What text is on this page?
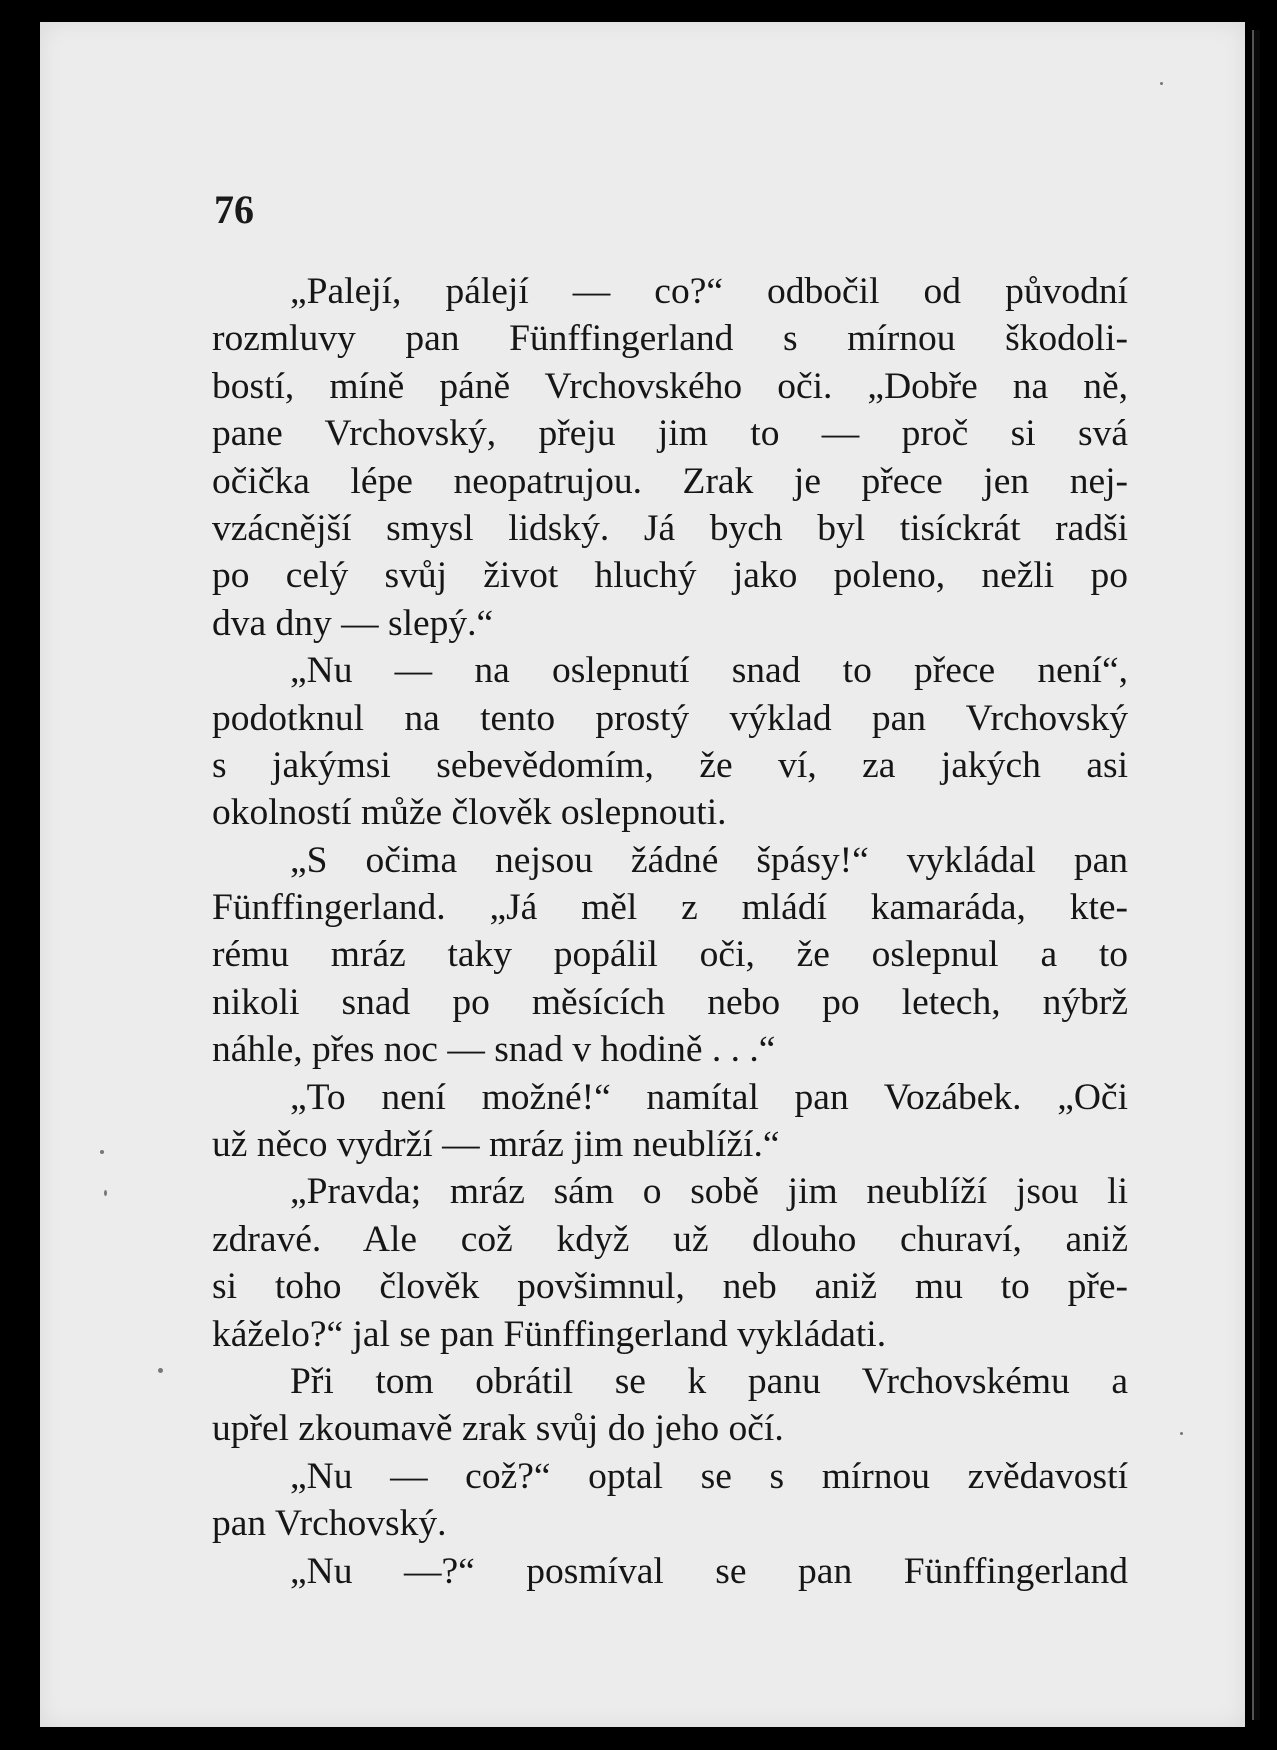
76
„Palejí, pálejí — co?“ odbočil od původní
rozmluvy pan Fünffingerland s mírnou škodoli-
bostí, míně páně Vrchovského oči. „Dobře na ně,
pane Vrchovský, přeju jim to — proč si svá
očička lépe neopatrujou. Zrak je přece jen nej-
vzácnější smysl lidský. Já bych byl tisíckrát radši
po celý svůj život hluchý jako poleno, nežli po
dva dny — slepý.“
„Nu — na oslepnutí snad to přece není“,
podotknul na tento prostý výklad pan Vrchovský
s jakýmsi sebevědomím, že ví, za jakých asi
okolností může člověk oslepnouti.
„S očima nejsou žádné špásy!“ vykládal pan
Fünffingerland. „Já měl z mládí kamaráda, kte-
rému mráz taky popálil oči, že oslepnul a to
nikoli snad po měsících nebo po letech, nýbrž
náhle, přes noc — snad v hodině . . .“
„To není možné!“ namítal pan Vozábek. „Oči
už něco vydrží — mráz jim neublíží.“
„Pravda; mráz sám o sobě jim neublíží jsou li
zdravé. Ale což když už dlouho churaví, aniž
si toho člověk povšimnul, neb aniž mu to pře-
káželo?“ jal se pan Fünffingerland vykládati.
Při tom obrátil se k panu Vrchovskému a
upřel zkoumavě zrak svůj do jeho očí.
„Nu — což?“ optal se s mírnou zvědavostí
pan Vrchovský.
„Nu —?“ posmíval se pan Fünffingerland
